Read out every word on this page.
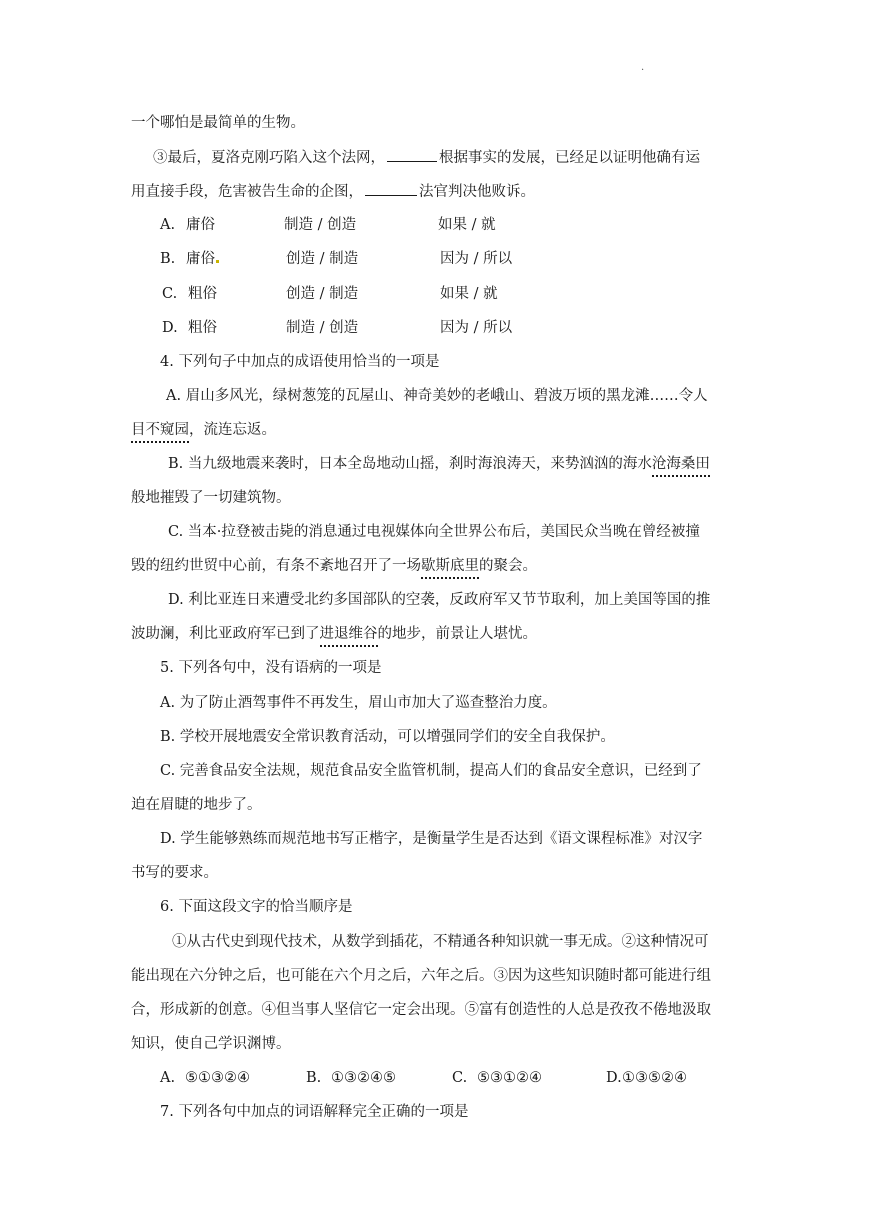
.
一个哪怕是最简单的生物。
③最后，夏洛克刚巧陷入这个法网，	根据事实的发展，已经足以证明他确有运
用直接手段，危害被告生命的企图，	法官判决他败诉。
A. 庸俗	制造 / 创造	如果 / 就
B. 庸俗	创造 / 制造	因为 / 所以
C. 粗俗	创造 / 制造	如果 / 就
D. 粗俗	制造 / 创造	因为 / 所以
4. 下列句子中加点的成语使用恰当的一项是
A. 眉山多风光，绿树葱笼的瓦屋山、神奇美妙的老峨山、碧波万顷的黑龙滩……令人
目不窥园，流连忘返。
B. 当九级地震来袭时，日本全岛地动山摇，刹时海浪涛天，来势汹汹的海水沧海桑田
般地摧毁了一切建筑物。
C. 当本·拉登被击毙的消息通过电视媒体向全世界公布后，美国民众当晚在曾经被撞
毁的纽约世贸中心前，有条不紊地召开了一场歇斯底里的聚会。
D. 利比亚连日来遭受北约多国部队的空袭，反政府军又节节取利，加上美国等国的推
波助澜，利比亚政府军已到了进退维谷的地步，前景让人堪忧。
5. 下列各句中，没有语病的一项是
A. 为了防止酒驾事件不再发生，眉山市加大了巡查整治力度。
B. 学校开展地震安全常识教育活动，可以增强同学们的安全自我保护。
C. 完善食品安全法规，规范食品安全监管机制，提高人们的食品安全意识，已经到了
迫在眉睫的地步了。
D. 学生能够熟练而规范地书写正楷字，是衡量学生是否达到《语文课程标准》对汉字
书写的要求。
6. 下面这段文字的恰当顺序是
①从古代史到现代技术，从数学到插花，不精通各种知识就一事无成。②这种情况可
能出现在六分钟之后，也可能在六个月之后，六年之后。③因为这些知识随时都可能进行组
合，形成新的创意。④但当事人坚信它一定会出现。⑤富有创造性的人总是孜孜不倦地汲取
知识，使自己学识渊博。
A. ⑤①③②④	B. ①③②④⑤	C. ⑤③①②④	D. ①③⑤②④
7. 下列各句中加点的词语解释完全正确的一项是
